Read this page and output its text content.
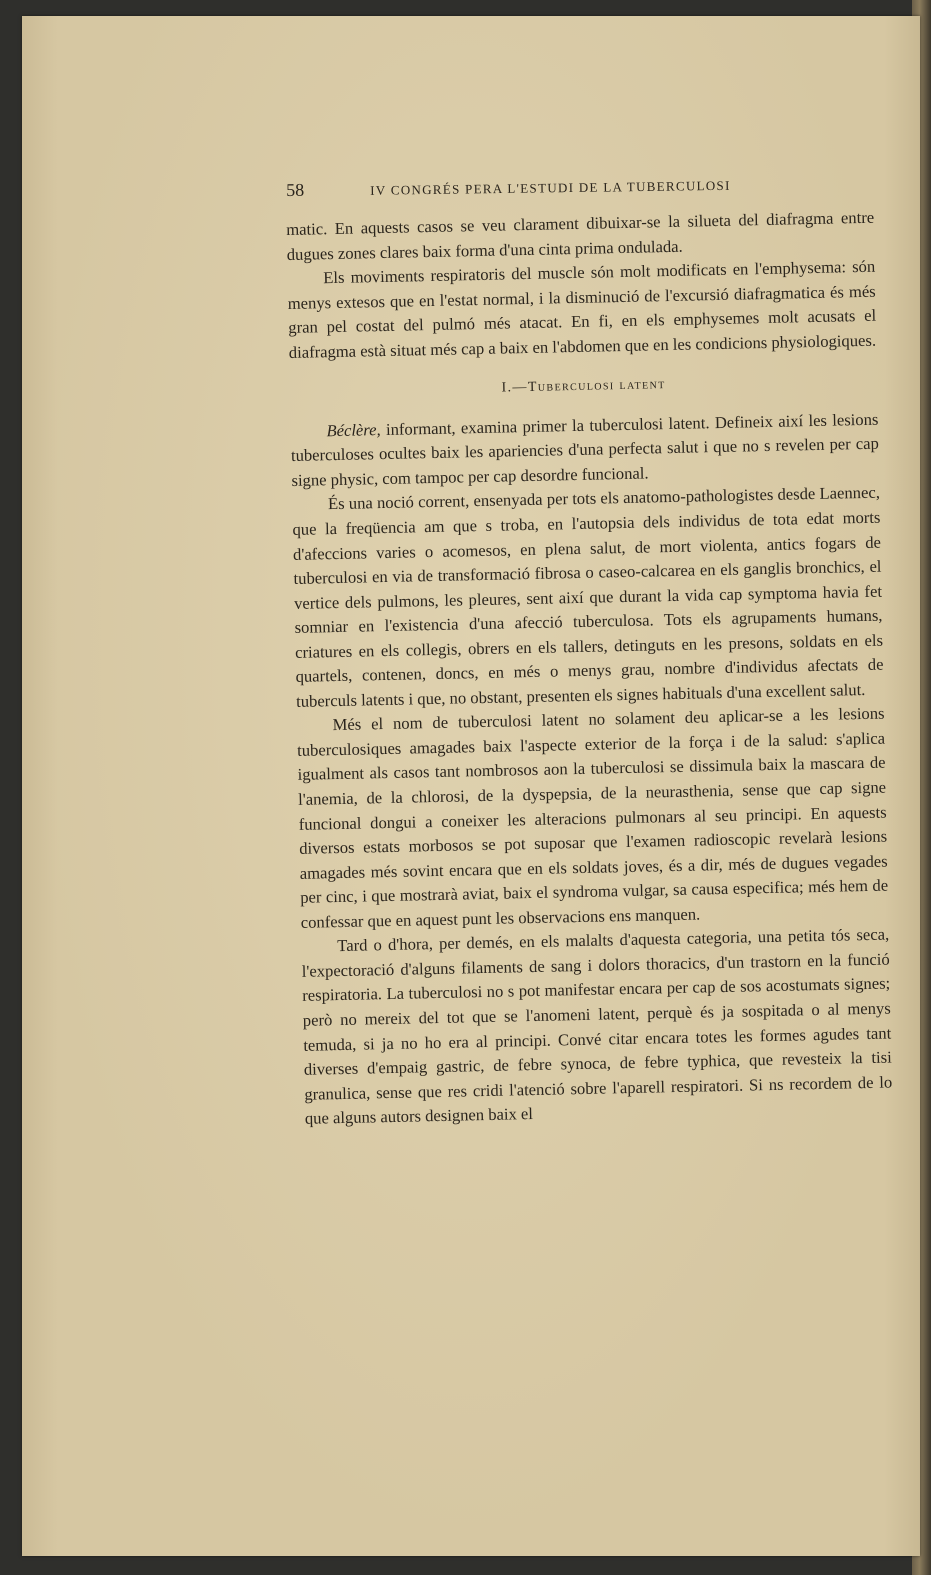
58	IV CONGRÉS PERA L'ESTUDI DE LA TUBERCULOSI

matic. En aquests casos se veu clarament dibuixar-se la silueta del diafragma entre dugues zones clares baix forma d'una cinta prima ondulada.

Els moviments respiratoris del muscle són molt modificats en l'emphysema: són menys extesos que en l'estat normal, i la disminució de l'excursió diafragmatica és més gran pel costat del pulmó més atacat. En fi, en els emphysemes molt acusats el diafragma està situat més cap a baix en l'abdomen que en les condicions physiologiques.

I.—Tuberculosi latent

Béclère, informant, examina primer la tuberculosi latent. Defineix així les lesions tuberculoses ocultes baix les apariencies d'una perfecta salut i que no s revelen per cap signe physic, com tampoc per cap desordre funcional.

És una noció corrent, ensenyada per tots els anatomo-pathologistes desde Laennec, que la freqüencia am que s troba, en l'autopsia dels individus de tota edat morts d'afeccions varies o acomesos, en plena salut, de mort violenta, antics fogars de tuberculosi en via de transformació fibrosa o caseo-calcarea en els ganglis bronchics, el vertice dels pulmons, les pleures, sent així que durant la vida cap symptoma havia fet somniar en l'existencia d'una afecció tuberculosa. Tots els agrupaments humans, criatures en els collegis, obrers en els tallers, detinguts en les presons, soldats en els quartels, contenen, doncs, en més o menys grau, nombre d'individus afectats de tuberculs latents i que, no obstant, presenten els signes habituals d'una excellent salut.

Més el nom de tuberculosi latent no solament deu aplicar-se a les lesions tuberculosiques amagades baix l'aspecte exterior de la força i de la salud: s'aplica igualment als casos tant nombrosos aon la tuberculosi se dissimula baix la mascara de l'anemia, de la chlorosi, de la dyspepsia, de la neurasthenia, sense que cap signe funcional dongui a coneixer les alteracions pulmonars al seu principi. En aquests diversos estats morbosos se pot suposar que l'examen radioscopic revelarà lesions amagades més sovint encara que en els soldats joves, és a dir, més de dugues vegades per cinc, i que mostrarà aviat, baix el syndroma vulgar, sa causa especifica; més hem de confessar que en aquest punt les observacions ens manquen.

Tard o d'hora, per demés, en els malalts d'aquesta categoria, una petita tós seca, l'expectoració d'alguns filaments de sang i dolors thoracics, d'un trastorn en la funció respiratoria. La tuberculosi no s pot manifestar encara per cap de sos acostumats signes; però no mereix del tot que se l'anomeni latent, perquè és ja sospitada o al menys temuda, si ja no ho era al principi. Convé citar encara totes les formes agudes tant diverses d'empaig gastric, de febre synoca, de febre typhica, que revesteix la tisi granulica, sense que res cridi l'atenció sobre l'aparell respiratori. Si ns recordem de lo que alguns autors designen baix el
